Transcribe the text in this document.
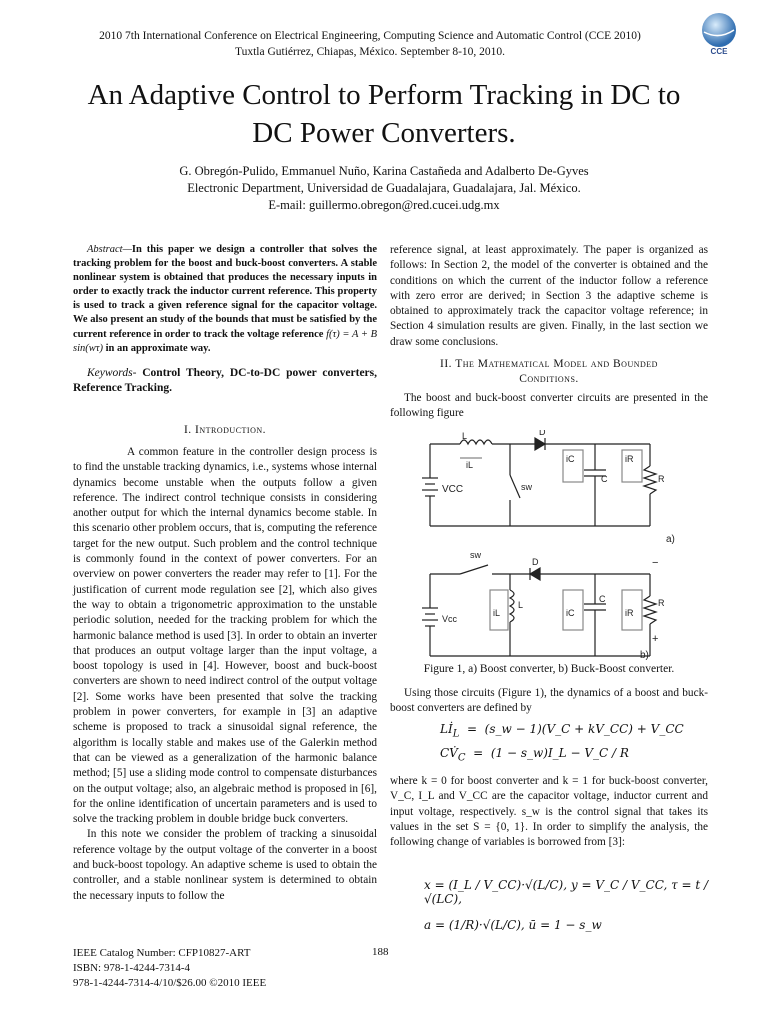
2010 7th International Conference on Electrical Engineering, Computing Science and Automatic Control (CCE 2010)
Tuxtla Gutiérrez, Chiapas, México. September 8-10, 2010.	CCE
An Adaptive Control to Perform Tracking in DC to
DC Power Converters.
G. Obregón-Pulido, Emmanuel Nuño, Karina Castañeda and Adalberto De-Gyves
Electronic Department, Universidad de Guadalajara, Guadalajara, Jal. México.
E-mail: guillermo.obregon@red.cucei.udg.mx

Abstract—In this paper we design a controller that solves the tracking problem for the boost and buck-boost converters. A stable nonlinear system is obtained that produces the necessary inputs in order to exactly track the inductor current reference. This property is used to track a given reference signal for the capacitor voltage. We also present an study of the bounds that must be satisfied by the current reference in order to track the voltage reference f(τ) = A + B sin(wτ) in an approximate way.

Keywords- Control Theory, DC-to-DC power converters, Reference Tracking.

I. Introduction.

A common feature in the controller design process is to find the unstable tracking dynamics, i.e., systems whose internal dynamics become unstable when the outputs follow a given reference. The indirect control technique consists in considering another output for which the internal dynamics become stable. In this scenario other problem occurs, that is, computing the reference target for the new output. Such problem and the control technique is commonly found in the context of power converters. For an overview on power converters the reader may refer to [1]. For the justification of current mode regulation see [2], which also gives the way to obtain a trigonometric approximation to the unstable periodic solution, needed for the tracking problem for which the harmonic balance method is used [3]. In order to obtain an inverter that produces an output voltage larger than the input voltage, a boost topology is used in [4]. However, boost and buck-boost converters are shown to need indirect control of the output voltage [2]. Some works have been presented that solve the tracking problem in power converters, for example in [3] an adaptive scheme is proposed to track a sinusoidal signal reference, the algorithm is locally stable and makes use of the Galerkin method that can be viewed as a generalization of the harmonic balance method; [5] use a sliding mode control to compensate disturbances on the output voltage; also, an algebraic method is proposed in [6], for the online identification of uncertain parameters and is used to solve the tracking problem in double bridge buck converters.

In this note we consider the problem of tracking a sinusoidal reference voltage by the output voltage of the converter in a boost and buck-boost topology. An adaptive scheme is used to obtain the controller, and a stable nonlinear system is determined to obtain the necessary inputs to follow the

reference signal, at least approximately. The paper is organized as follows: In Section 2, the model of the converter is obtained and the conditions on which the current of the inductor follow a reference with zero error are derived; in Section 3 the adaptive scheme is obtained to approximately track the capacitor voltage reference; in Section 4 simulation results are given. Finally, in the last section we draw some conclusions.

II. The Mathematical Model and Bounded
Conditions.

The boost and buck-boost converter circuits are presented in the following figure

L
iL
D
iC	iR
C	R
sw
VCC
a)
sw
D
L
iL	iC
C
iR
R
Vcc
−
+
b)
Figure 1, a) Boost converter, b) Buck-Boost converter.

Using those circuits (Figure 1), the dynamics of a boost and buck-boost converters are defined by

$Lİ_L$  =  (s_w − 1)(V_C + kV_CC) + V_CC
$CV̇_C = (1$ − s_w)I_L − V_C / R

where k = 0 for boost converter and k = 1 for buck-boost converter, V_C, I_L and V_CC are the capacitor voltage, inductor current and input voltage, respectively. s_w is the control signal that takes its values in the set S = {0, 1}. In order to simplify the analysis, the following change of variables is borrowed from [3]:

x = (I_L / V_CC)·√(L/C), y = V_C / V_CC, τ = t / √(LC),
a = (1/R)·√(L/C), ū = 1 − s_w
IEEE Catalog Number: CFP10827-ART
ISBN: 978-1-4244-7314-4
978-1-4244-7314-4/10/$26.00 ©2010 IEEE
188
